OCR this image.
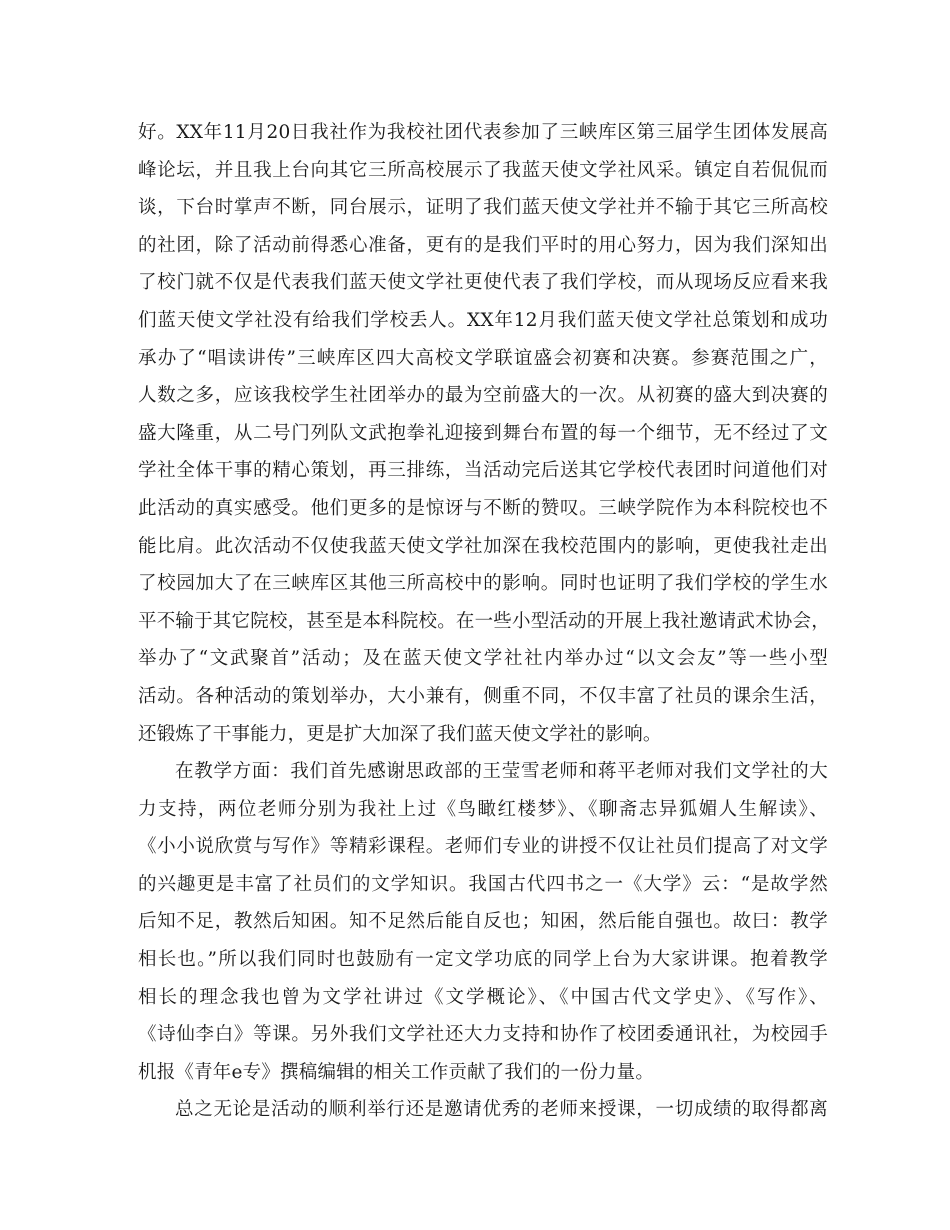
好。XX年11月20日我社作为我校社团代表参加了三峡库区第三届学生团体发展高
峰论坛，并且我上台向其它三所高校展示了我蓝天使文学社风采。镇定自若侃侃而
谈，下台时掌声不断，同台展示，证明了我们蓝天使文学社并不输于其它三所高校
的社团，除了活动前得悉心准备，更有的是我们平时的用心努力，因为我们深知出
了校门就不仅是代表我们蓝天使文学社更使代表了我们学校，而从现场反应看来我
们蓝天使文学社没有给我们学校丢人。XX年12月我们蓝天使文学社总策划和成功
承办了“唱读讲传”三峡库区四大高校文学联谊盛会初赛和决赛。参赛范围之广，
人数之多，应该我校学生社团举办的最为空前盛大的一次。从初赛的盛大到决赛的
盛大隆重，从二号门列队文武抱拳礼迎接到舞台布置的每一个细节，无不经过了文
学社全体干事的精心策划，再三排练，当活动完后送其它学校代表团时问道他们对
此活动的真实感受。他们更多的是惊讶与不断的赞叹。三峡学院作为本科院校也不
能比肩。此次活动不仅使我蓝天使文学社加深在我校范围内的影响，更使我社走出
了校园加大了在三峡库区其他三所高校中的影响。同时也证明了我们学校的学生水
平不输于其它院校，甚至是本科院校。在一些小型活动的开展上我社邀请武术协会，
举办了“文武聚首”活动；及在蓝天使文学社社内举办过“以文会友”等一些小型
活动。各种活动的策划举办，大小兼有，侧重不同，不仅丰富了社员的课余生活，
还锻炼了干事能力，更是扩大加深了我们蓝天使文学社的影响。
在教学方面：我们首先感谢思政部的王莹雪老师和蒋平老师对我们文学社的大
力支持，两位老师分别为我社上过《鸟瞰红楼梦》、《聊斋志异狐媚人生解读》、
《小小说欣赏与写作》等精彩课程。老师们专业的讲授不仅让社员们提高了对文学
的兴趣更是丰富了社员们的文学知识。我国古代四书之一《大学》云：“是故学然
后知不足，教然后知困。知不足然后能自反也；知困，然后能自强也。故曰：教学
相长也。”所以我们同时也鼓励有一定文学功底的同学上台为大家讲课。抱着教学
相长的理念我也曾为文学社讲过《文学概论》、《中国古代文学史》、《写作》、
《诗仙李白》等课。另外我们文学社还大力支持和协作了校团委通讯社，为校园手
机报《青年e专》撰稿编辑的相关工作贡献了我们的一份力量。
总之无论是活动的顺利举行还是邀请优秀的老师来授课，一切成绩的取得都离
